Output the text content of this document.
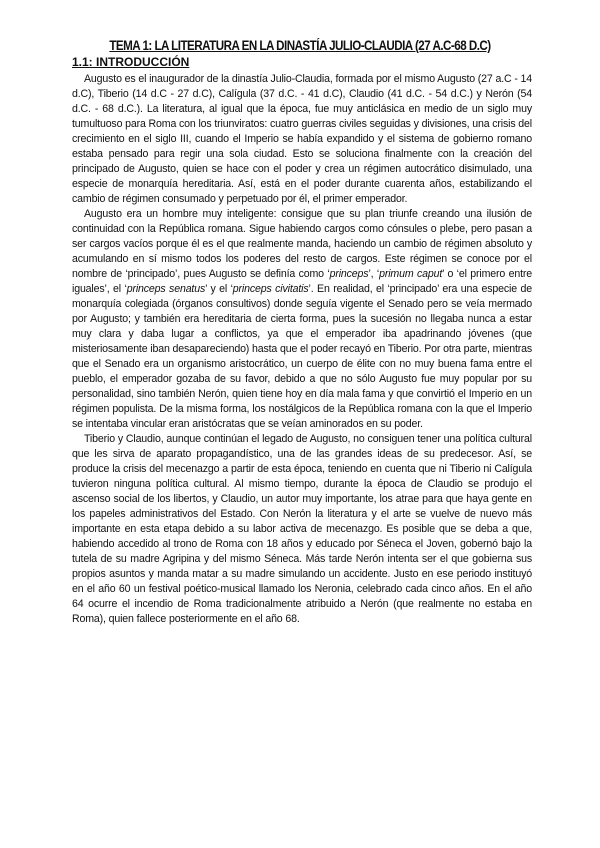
TEMA 1: LA LITERATURA EN LA DINASTÍA JULIO-CLAUDIA (27 A.C-68 D.C)
1.1: INTRODUCCIÓN

Augusto es el inaugurador de la dinastía Julio-Claudia, formada por el mismo Augusto (27 a.C - 14 d.C), Tiberio (14 d.C - 27 d.C), Calígula (37 d.C. - 41 d.C), Claudio (41 d.C. - 54 d.C.) y Nerón (54 d.C. - 68 d.C.). La literatura, al igual que la época, fue muy anticlásica en medio de un siglo muy tumultuoso para Roma con los triunviratos: cuatro guerras civiles seguidas y divisiones, una crisis del crecimiento en el siglo III, cuando el Imperio se había expandido y el sistema de gobierno romano estaba pensado para regir una sola ciudad. Esto se soluciona finalmente con la creación del principado de Augusto, quien se hace con el poder y crea un régimen autocrático disimulado, una especie de monarquía hereditaria. Así, está en el poder durante cuarenta años, estabilizando el cambio de régimen consumado y perpetuado por él, el primer emperador.

Augusto era un hombre muy inteligente: consigue que su plan triunfe creando una ilusión de continuidad con la República romana. Sigue habiendo cargos como cónsules o plebe, pero pasan a ser cargos vacíos porque él es el que realmente manda, haciendo un cambio de régimen absoluto y acumulando en sí mismo todos los poderes del resto de cargos. Este régimen se conoce por el nombre de ‘principado’, pues Augusto se definía como ‘princeps’, ‘primum caput’ o ‘el primero entre iguales’, el ‘princeps senatus’ y el ‘princeps civitatis’. En realidad, el ‘principado’ era una especie de monarquía colegiada (órganos consultivos) donde seguía vigente el Senado pero se veía mermado por Augusto; y también era hereditaria de cierta forma, pues la sucesión no llegaba nunca a estar muy clara y daba lugar a conflictos, ya que el emperador iba apadrinando jóvenes (que misteriosamente iban desapareciendo) hasta que el poder recayó en Tiberio. Por otra parte, mientras que el Senado era un organismo aristocrático, un cuerpo de élite con no muy buena fama entre el pueblo, el emperador gozaba de su favor, debido a que no sólo Augusto fue muy popular por su personalidad, sino también Nerón, quien tiene hoy en día mala fama y que convirtió el Imperio en un régimen populista. De la misma forma, los nostálgicos de la República romana con la que el Imperio se intentaba vincular eran aristócratas que se veían aminorados en su poder.

Tiberio y Claudio, aunque continúan el legado de Augusto, no consiguen tener una política cultural que les sirva de aparato propagandístico, una de las grandes ideas de su predecesor. Así, se produce la crisis del mecenazgo a partir de esta época, teniendo en cuenta que ni Tiberio ni Calígula tuvieron ninguna política cultural. Al mismo tiempo, durante la época de Claudio se produjo el ascenso social de los libertos, y Claudio, un autor muy importante, los atrae para que haya gente en los papeles administrativos del Estado. Con Nerón la literatura y el arte se vuelve de nuevo más importante en esta etapa debido a su labor activa de mecenazgo. Es posible que se deba a que, habiendo accedido al trono de Roma con 18 años y educado por Séneca el Joven, gobernó bajo la tutela de su madre Agripina y del mismo Séneca. Más tarde Nerón intenta ser el que gobierna sus propios asuntos y manda matar a su madre simulando un accidente. Justo en ese periodo instituyó en el año 60 un festival poético-musical llamado los Neronia, celebrado cada cinco años. En el año 64 ocurre el incendio de Roma tradicionalmente atribuido a Nerón (que realmente no estaba en Roma), quien fallece posteriormente en el año 68.
